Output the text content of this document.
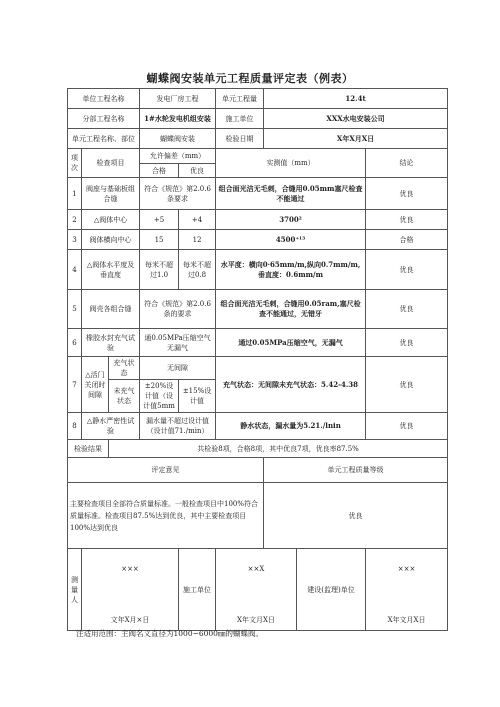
蝴蝶阀安装单元工程质量评定表（例表）
单位工程名称			发电厂房工程		单元工程量	12.4t		
分部工程名称			1#水轮发电机组安装		施工单位	XXX水电安装公司		
单元工程名称、部位			蝴蝶阀安装		检验日期	X年X月X日		
项次	检查项目		允许偏差（mm）		实测值（mm）			结论
			合格	优良				
1	阀座与基础板组合缝		符合《规范》第2.0.6条要求		组合面光洁无毛刺，合缝用0.05mm塞尺检查不能通过			优良
2	△阀体中心		+5	+4	3700²			优良
3	阀体横向中心		15	12	4500⁺¹³			合格
4	△阀体水平度及垂直度		每米不超过1.0	每米不超过0.8	水平度：横向0·65mm/m,纵向0.7mm/m,垂直度：0.6mm/m			优良
5	阀壳各组合缝		符合《规范》第2.0.6条的要求		组合面光洁无毛刺，合缝用0.05ram,塞尺检查不能通过，无错牙			优良
6	橡胶水封充气试验		通0.05MPa压缩空气无漏气		通过0.05MPa压缩空气，无漏气			优良
7	△活门关闭时间隙	充气状态	无间隙		充气状态：无间隙未充气状态：5.42-4.38			优良
		未充气状态	±20%设计值（设计值5mm	±15%设计值				
8	△静水严密性试验		漏水量不超过设计值（设计值71./min）		静水状态，漏水量为5.21./lnin			优良
检验结果		共检验8项，合格8项，其中优良7项，优良率87.5%						
评定意见						单元工程质量等级		
主要检查项目全部符合质量标准。一般检查项目中100%符合质量标准。检查项目87.5%达到优良，其中主要检查项目100%达到优良						优良		
测量人	×××
文年X月×日			施工单位	××X
X年文月X日		建设(监理)单位	×××
X年文月X日
注适用范围：主阀名义直径为1000~6000㎜的蝴蝶阀。
